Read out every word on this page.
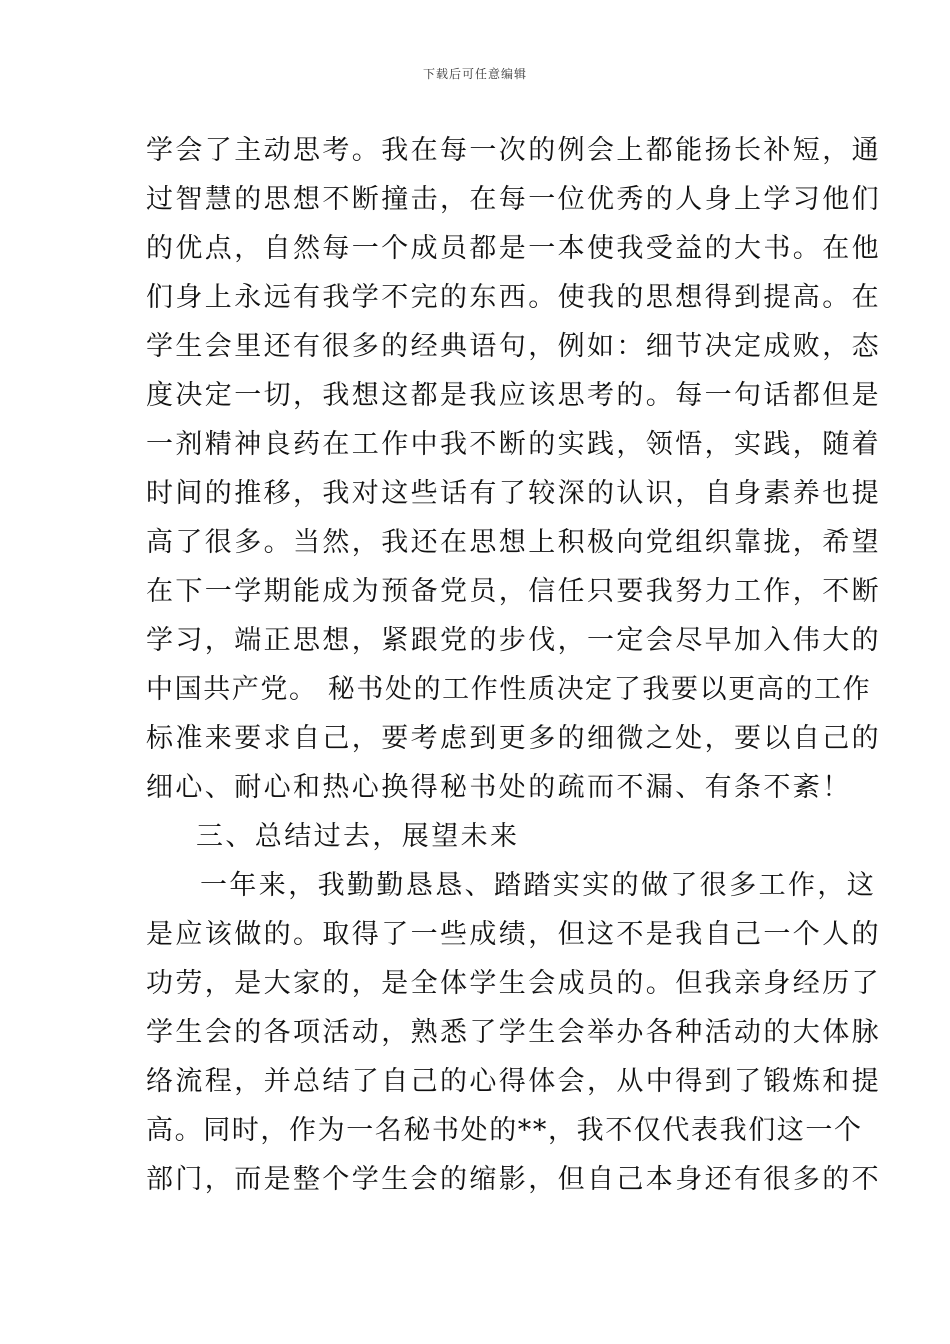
下载后可任意编辑
学会了主动思考。我在每一次的例会上都能扬长补短，通
过智慧的思想不断撞击，在每一位优秀的人身上学习他们
的优点，自然每一个成员都是一本使我受益的大书。在他
们身上永远有我学不完的东西。使我的思想得到提高。在
学生会里还有很多的经典语句，例如：细节决定成败，态
度决定一切，我想这都是我应该思考的。每一句话都但是
一剂精神良药在工作中我不断的实践，领悟，实践，随着
时间的推移，我对这些话有了较深的认识，自身素养也提
高了很多。当然，我还在思想上积极向党组织靠拢，希望
在下一学期能成为预备党员，信任只要我努力工作，不断
学习，端正思想，紧跟党的步伐，一定会尽早加入伟大的
中国共产党。 秘书处的工作性质决定了我要以更高的工作
标准来要求自己，要考虑到更多的细微之处，要以自己的
细心、耐心和热心换得秘书处的疏而不漏、有条不紊！
三、总结过去，展望未来
一年来，我勤勤恳恳、踏踏实实的做了很多工作，这
是应该做的。取得了一些成绩，但这不是我自己一个人的
功劳，是大家的，是全体学生会成员的。但我亲身经历了
学生会的各项活动，熟悉了学生会举办各种活动的大体脉
络流程，并总结了自己的心得体会，从中得到了锻炼和提
高。同时，作为一名秘书处的**，我不仅代表我们这一个
部门，而是整个学生会的缩影，但自己本身还有很多的不
